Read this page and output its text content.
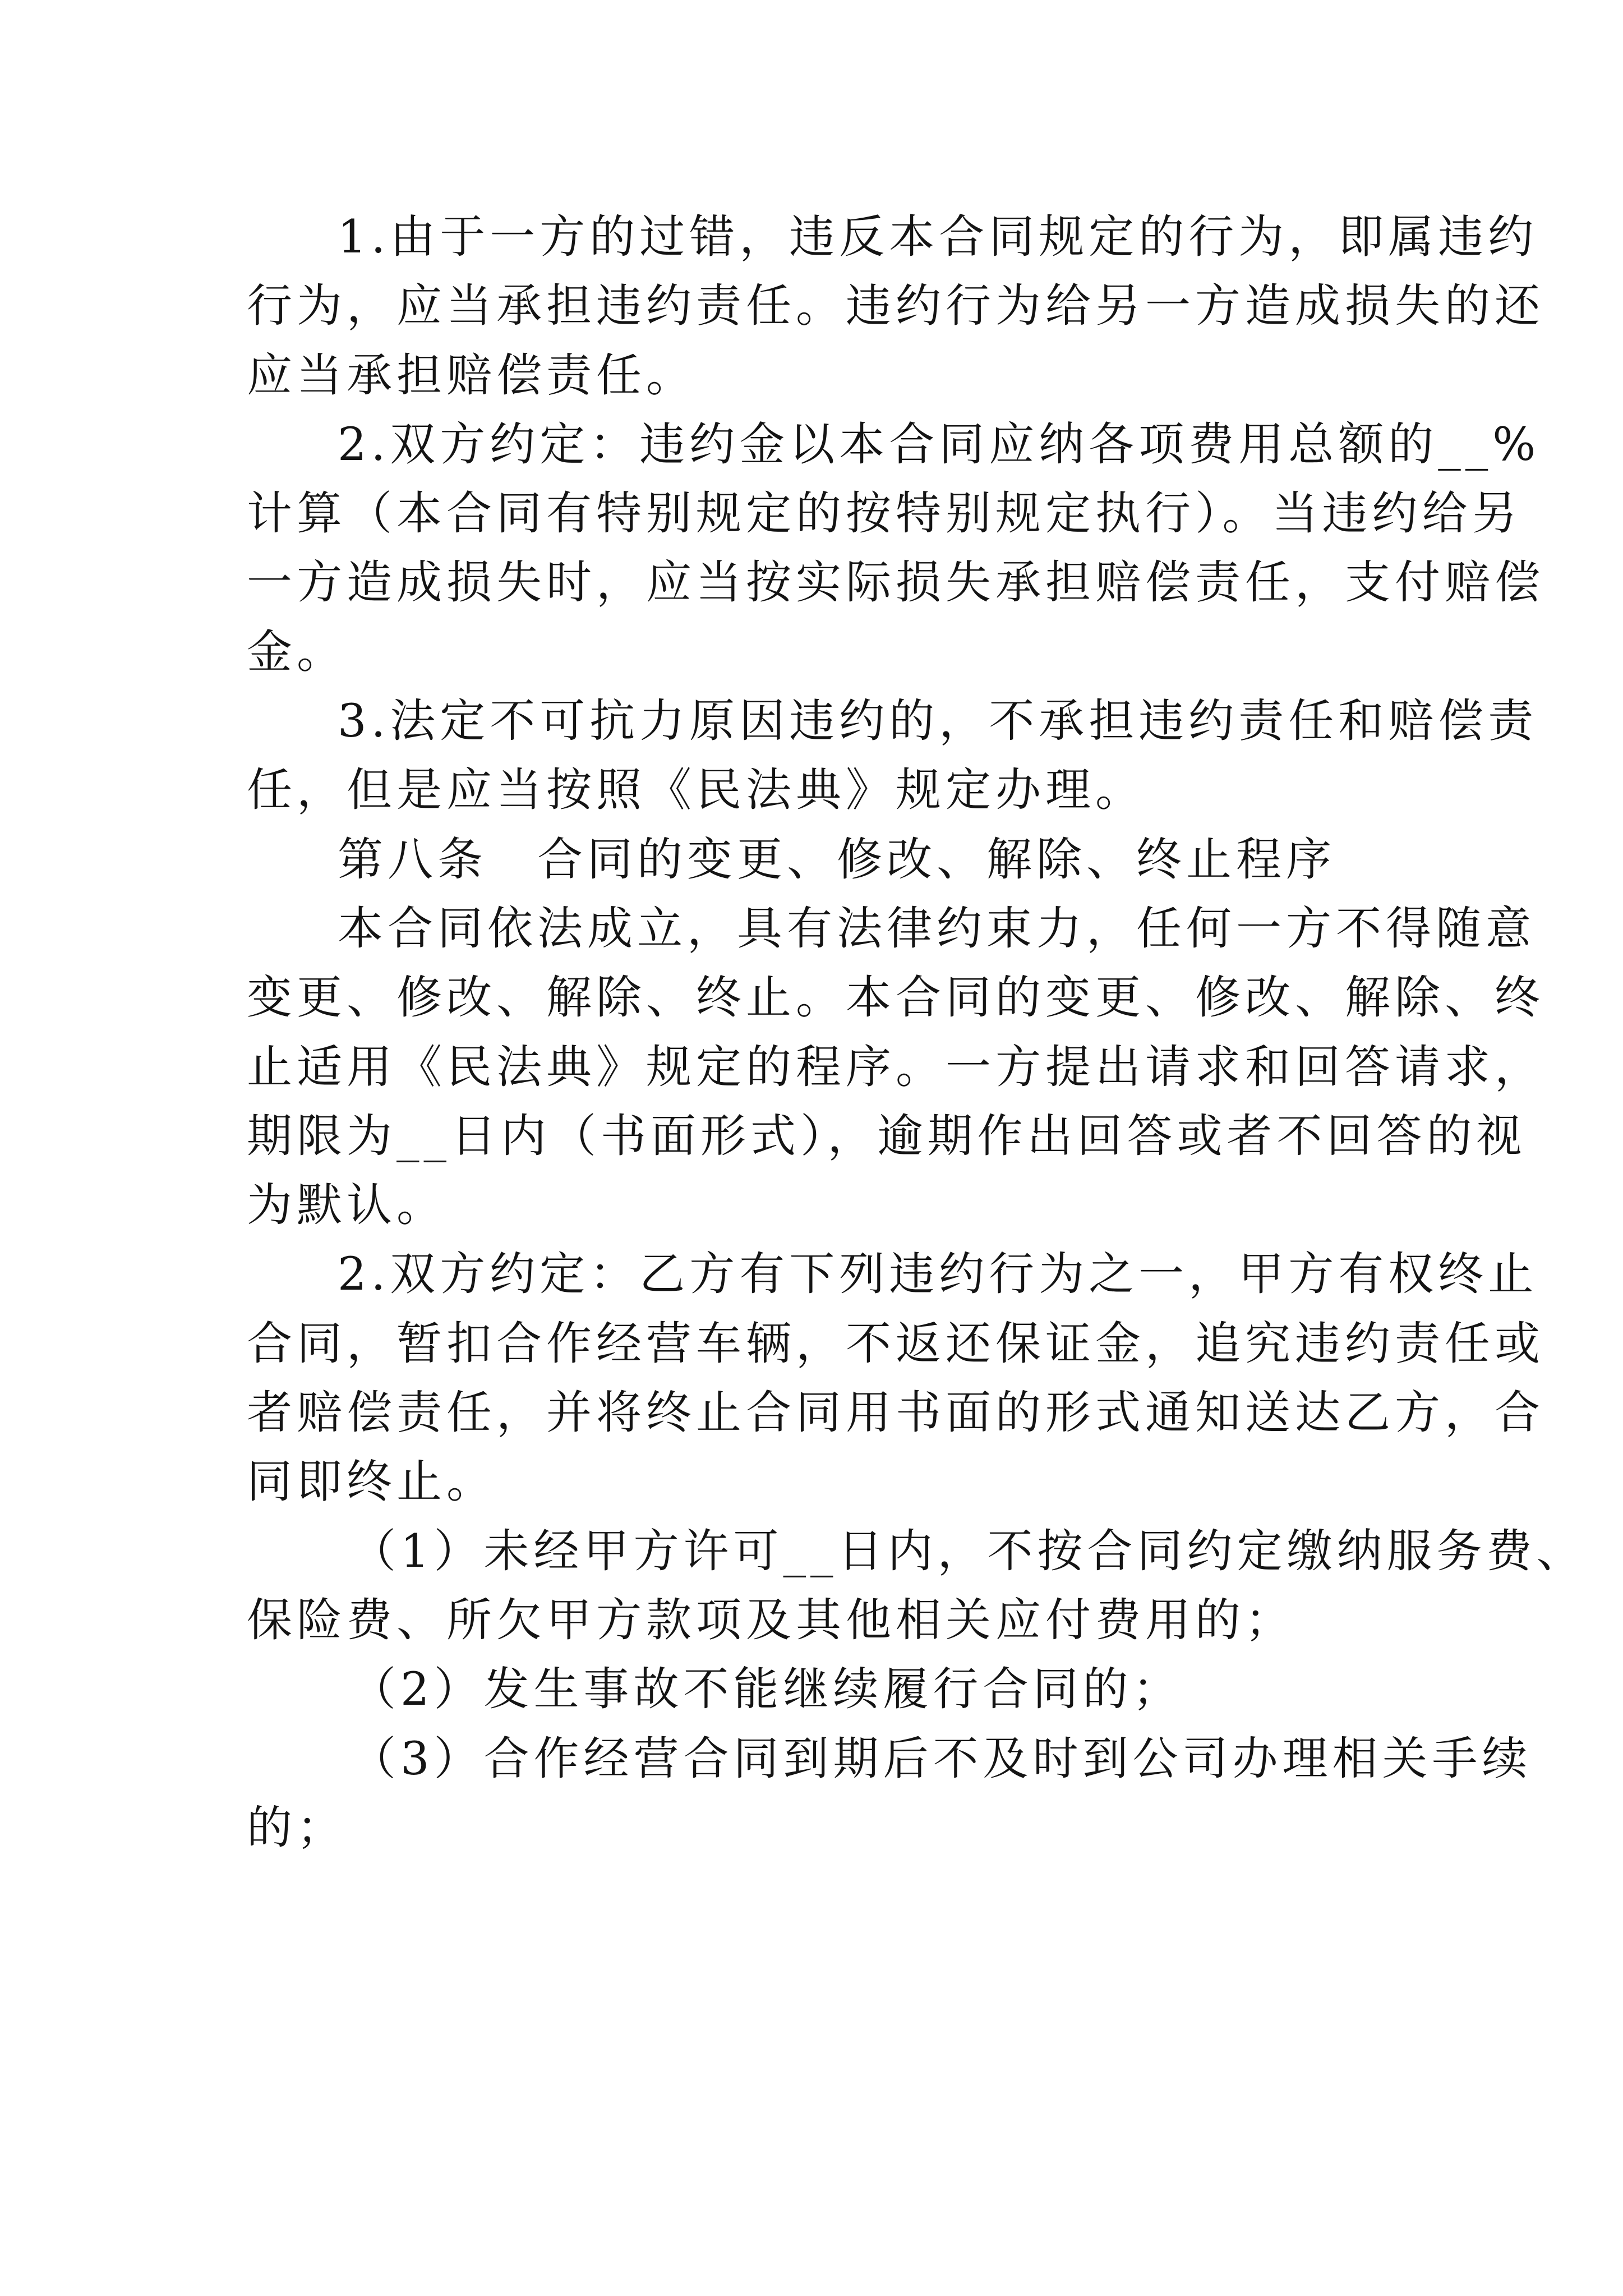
1.由于一方的过错，违反本合同规定的行为，即属违约
行为，应当承担违约责任。违约行为给另一方造成损失的还
应当承担赔偿责任。
2.双方约定：违约金以本合同应纳各项费用总额的__%
计算（本合同有特别规定的按特别规定执行）。当违约给另
一方造成损失时，应当按实际损失承担赔偿责任，支付赔偿
金。
3.法定不可抗力原因违约的，不承担违约责任和赔偿责
任，但是应当按照《民法典》规定办理。
第八条　合同的变更、修改、解除、终止程序
本合同依法成立，具有法律约束力，任何一方不得随意
变更、修改、解除、终止。本合同的变更、修改、解除、终
止适用《民法典》规定的程序。一方提出请求和回答请求，
期限为__日内（书面形式），逾期作出回答或者不回答的视
为默认。
2.双方约定：乙方有下列违约行为之一，甲方有权终止
合同，暂扣合作经营车辆，不返还保证金，追究违约责任或
者赔偿责任，并将终止合同用书面的形式通知送达乙方，合
同即终止。
（1）未经甲方许可__日内，不按合同约定缴纳服务费、
保险费、所欠甲方款项及其他相关应付费用的；
（2）发生事故不能继续履行合同的；
（3）合作经营合同到期后不及时到公司办理相关手续
的；
